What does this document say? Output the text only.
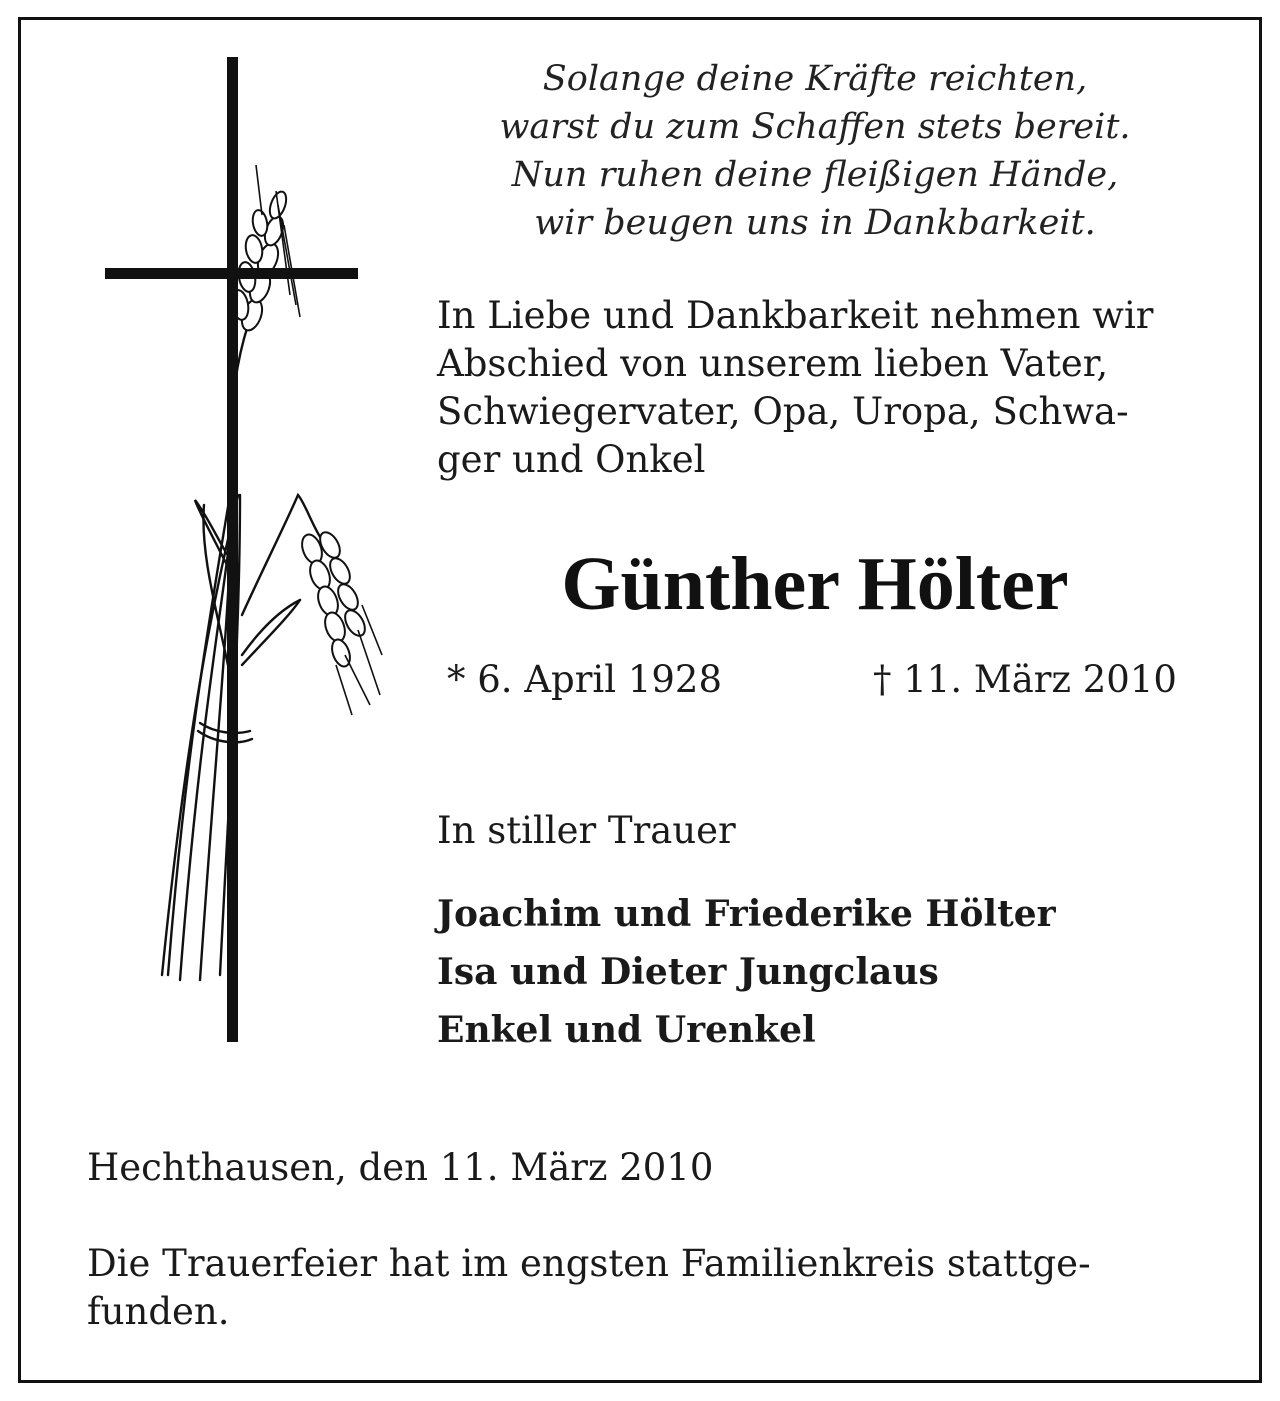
Solange deine Kräfte reichten,
warst du zum Schaffen stets bereit.
Nun ruhen deine fleißigen Hände,
wir beugen uns in Dankbarkeit.
In Liebe und Dankbarkeit nehmen wir
Abschied von unserem lieben Vater,
Schwiegervater, Opa, Uropa, Schwa-
ger und Onkel
Günther Hölter
* 6. April 1928	† 11. März 2010
In stiller Trauer
Joachim und Friederike Hölter
Isa und Dieter Jungclaus
Enkel und Urenkel
Hechthausen, den 11. März 2010
Die Trauerfeier hat im engsten Familienkreis stattge-
funden.
